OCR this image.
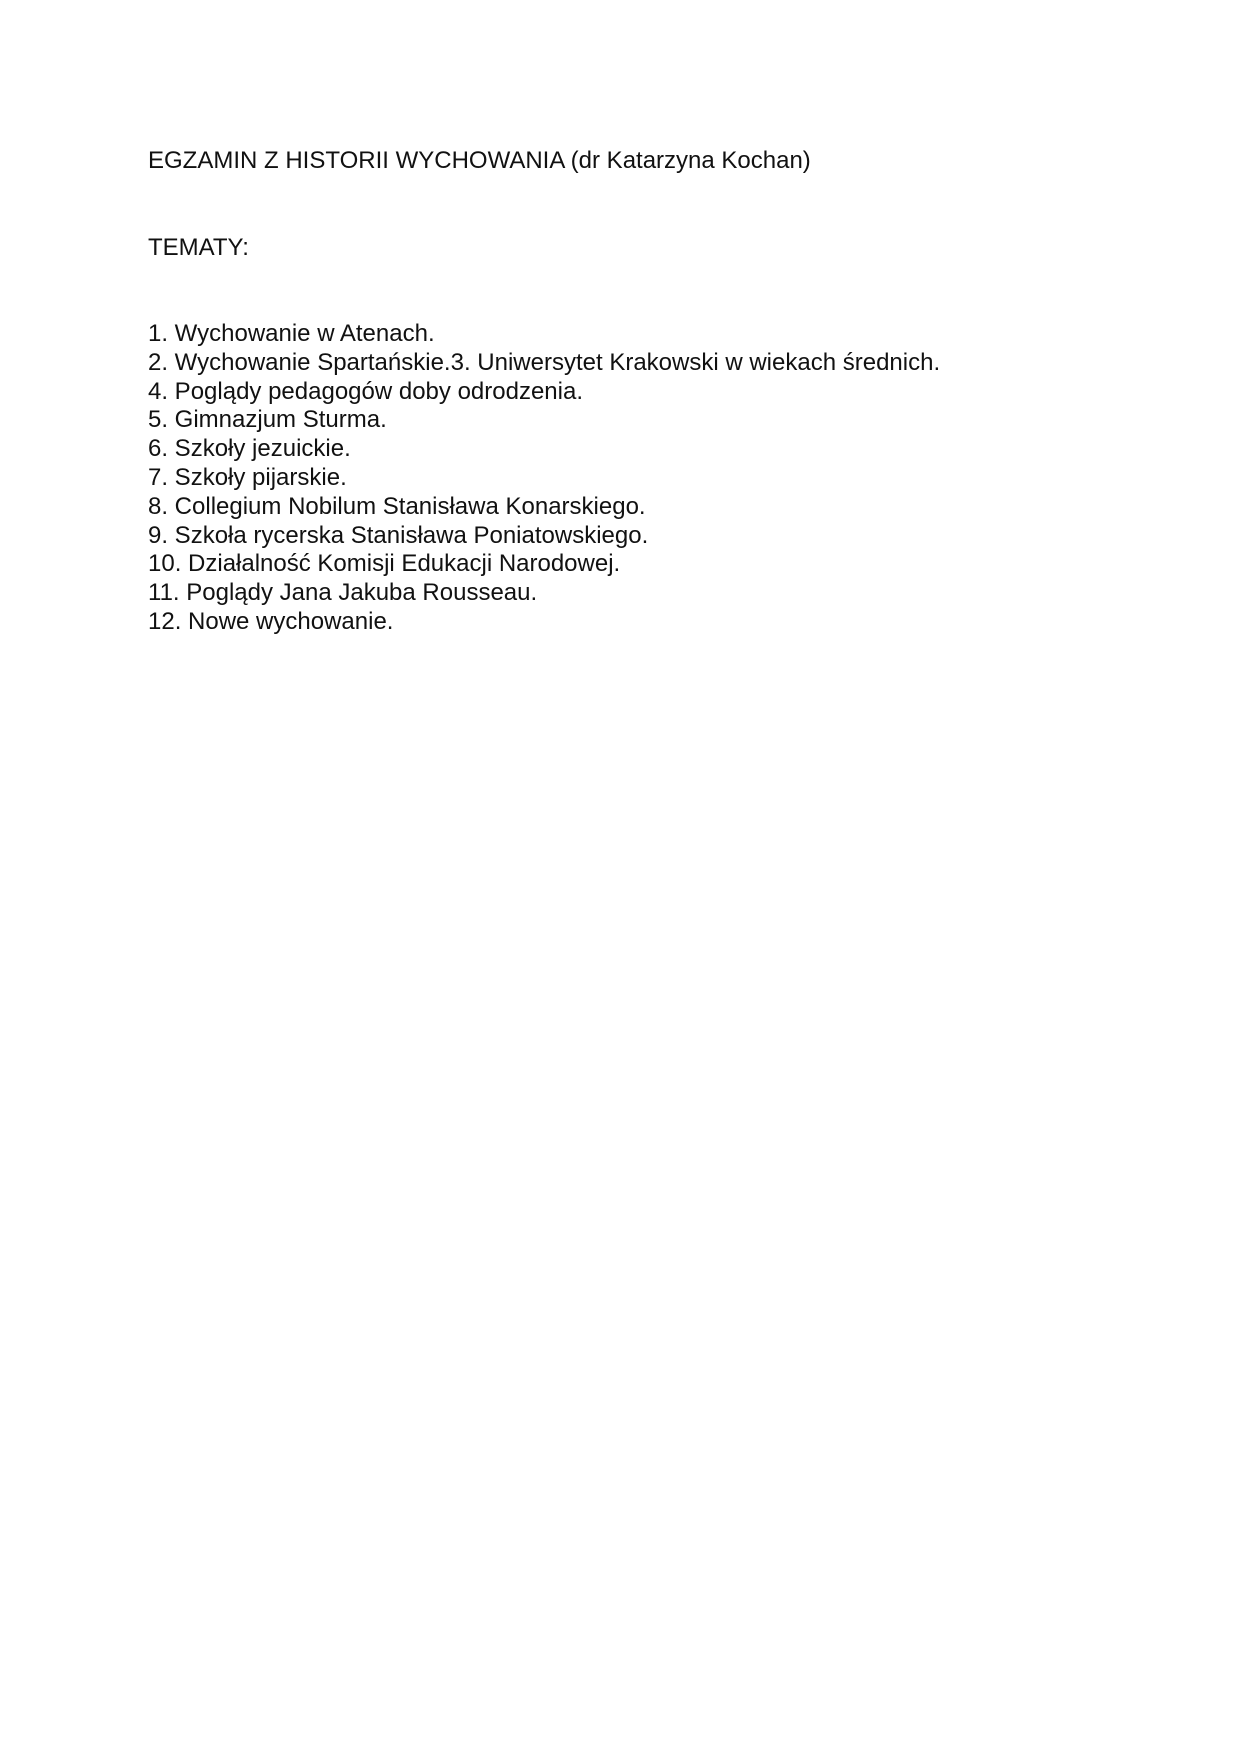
EGZAMIN Z HISTORII WYCHOWANIA (dr Katarzyna Kochan)
TEMATY:
1. Wychowanie w Atenach.
2. Wychowanie Spartańskie.3. Uniwersytet Krakowski w wiekach średnich.
4. Poglądy pedagogów doby odrodzenia.
5. Gimnazjum Sturma.
6. Szkoły jezuickie.
7. Szkoły pijarskie.
8. Collegium Nobilum Stanisława Konarskiego.
9. Szkoła rycerska Stanisława Poniatowskiego.
10. Działalność Komisji Edukacji Narodowej.
11. Poglądy Jana Jakuba Rousseau.
12. Nowe wychowanie.
